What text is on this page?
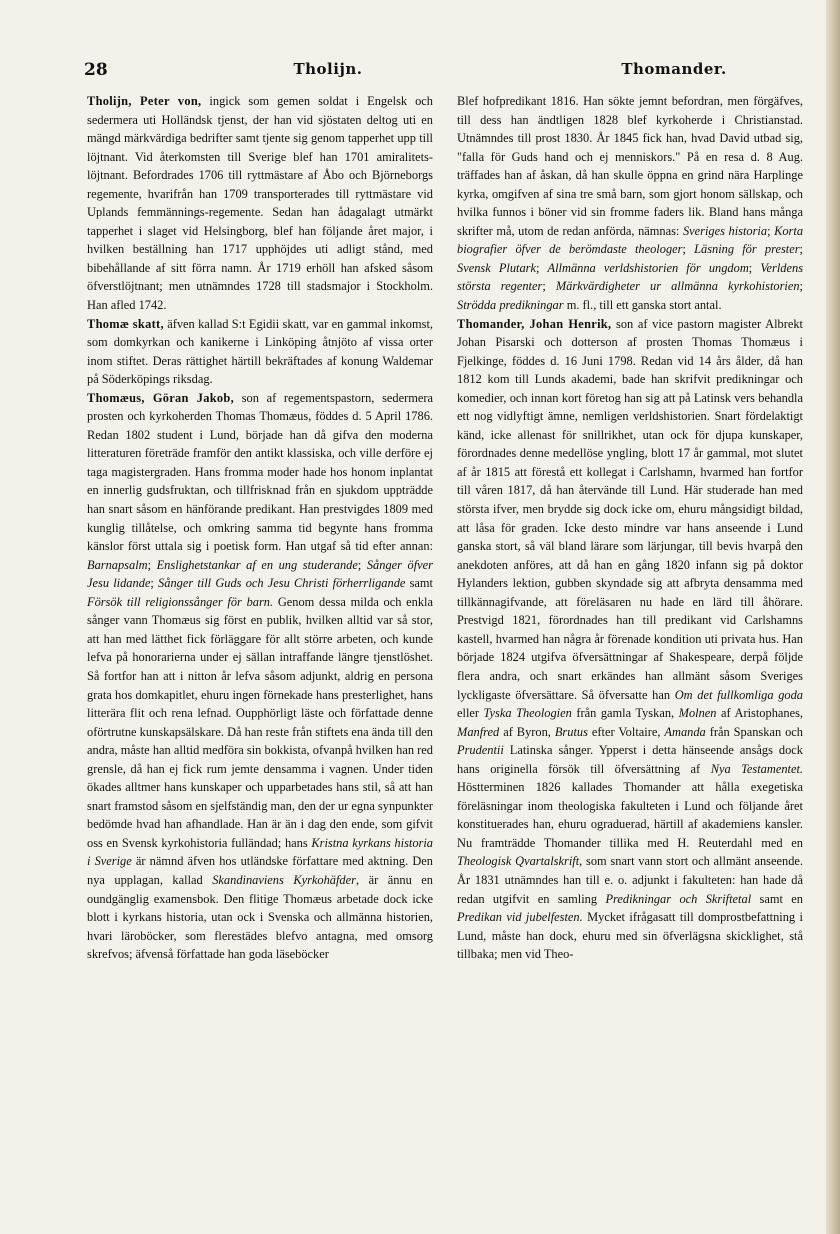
28	Tholijn.	Thomander.

Tholijn, Peter von, ingick som gemen soldat i Engelsk och sedermera uti Holländsk tjenst, der han vid sjöstaten deltog uti en mängd märkvärdiga bedrifter samt tjente sig genom tapperhet upp till löjtnant. Vid återkomsten till Sverige blef han 1701 amiralitets-löjtnant. Befordrades 1706 till ryttmästare af Åbo och Björneborgs regemente, hvarifrån han 1709 transporterades till ryttmästare vid Uplands femmännings-regemente. Sedan han ådagalagt utmärkt tapperhet i slaget vid Helsingborg, blef han följande året major, i hvilken beställning han 1717 upphöjdes uti adligt stånd, med bibehållande af sitt förra namn. År 1719 erhöll han afsked såsom öfverstlöjtnant; men utnämndes 1728 till stadsmajor i Stockholm. Han afled 1742.

Thomæ skatt, äfven kallad S:t Egidii skatt, var en gammal inkomst, som domkyrkan och kanikerne i Linköping åtnjöto af vissa orter inom stiftet. Deras rättighet härtill bekräftades af konung Waldemar på Söderköpings riksdag.

Thomæus, Göran Jakob, son af regementspastorn, sedermera prosten och kyrkoherden Thomas Thomæus, föddes d. 5 April 1786. Redan 1802 student i Lund, började han då gifva den moderna litteraturen företräde framför den antikt klassiska, och ville derföre ej taga magistergraden. Hans fromma moder hade hos honom inplantat en innerlig gudsfruktan, och tillfrisknad från en sjukdom uppträdde han snart såsom en hänförande predikant. Han prestvigdes 1809 med kunglig tillåtelse, och omkring samma tid begynte hans fromma känslor först uttala sig i poetisk form. Han utgaf så tid efter annan: Barnapsalm; Enslighetstankar af en ung studerande; Sånger öfver Jesu lidande; Sånger till Guds och Jesu Christi förherrligande samt Försök till religionssånger för barn. Genom dessa milda och enkla sånger vann Thomæus sig först en publik, hvilken alltid var så stor, att han med lätthet fick förläggare för allt större arbeten, och kunde lefva på honorarierna under ej sällan intraffande längre tjenstlöshet. Så fortfor han att i nitton år lefva såsom adjunkt, aldrig en persona grata hos domkapitlet, ehuru ingen förnekade hans presterlighet, hans litterära flit och rena lefnad. Oupphörligt läste och författade denne oförtrutne kunskapsälskare. Då han reste från stiftets ena ända till den andra, måste han alltid medföra sin bokkista, ofvanpå hvilken han red grensle, då han ej fick rum jemte densamma i vagnen. Under tiden ökades alltmer hans kunskaper och upparbetades hans stil, så att han snart framstod såsom en sjelfständig man, den der ur egna synpunkter bedömde hvad han afhandlade. Han är än i dag den ende, som gifvit oss en Svensk kyrkohistoria fulländad; hans Kristna kyrkans historia i Sverige är nämnd äfven hos utländske författare med aktning. Den nya upplagan, kallad Skandinaviens Kyrkohäfder, är ännu en oundgänglig examensbok. Den flitige Thomæus arbetade dock icke blott i kyrkans historia, utan ock i Svenska och allmänna historien, hvari läroböcker, som flerestädes blefvo antagna, med omsorg skrefvos; äfvenså författade han goda läseböcker

Blef hofpredikant 1816. Han sökte jemnt befordran, men förgäfves, till dess han ändtligen 1828 blef kyrkoherde i Christianstad. Utnämndes till prost 1830. År 1845 fick han, hvad David utbad sig, "falla för Guds hand och ej menniskors." På en resa d. 8 Aug. träffades han af åskan, då han skulle öppna en grind nära Harplinge kyrka, omgifven af sina tre små barn, som gjort honom sällskap, och hvilka funnos i böner vid sin fromme faders lik. Bland hans många skrifter må, utom de redan anförda, nämnas: Sveriges historia; Korta biografier öfver de berömdaste theologer; Läsning för prester; Svensk Plutark; Allmänna verldshistorien för ungdom; Verldens största regenter; Märkvärdigheter ur allmänna kyrkohistorien; Strödda predikningar m. fl., till ett ganska stort antal.

Thomander, Johan Henrik, son af vice pastorn magister Albrekt Johan Pisarski och dotterson af prosten Thomas Thomæus i Fjelkinge, föddes d. 16 Juni 1798. Redan vid 14 års ålder, då han 1812 kom till Lunds akademi, bade han skrifvit predikningar och komedier, och innan kort företog han sig att på Latinsk vers behandla ett nog vidlyftigt ämne, nemligen verldshistorien. Snart fördelaktigt känd, icke allenast för snillrikhet, utan ock för djupa kunskaper, förordnades denne medellöse yngling, blott 17 år gammal, mot slutet af år 1815 att förestå ett kollegat i Carlshamn, hvarmed han fortfor till våren 1817, då han återvände till Lund. Här studerade han med största ifver, men brydde sig dock icke om, ehuru mångsidigt bildad, att låsa för graden. Icke desto mindre var hans anseende i Lund ganska stort, så väl bland lärare som lärjungar, till bevis hvarpå den anekdoten anföres, att då han en gång 1820 infann sig på doktor Hylanders lektion, gubben skyndade sig att afbryta densamma med tillkännagifvande, att föreläsaren nu hade en lärd till åhörare. Prestvigd 1821, förordnades han till predikant vid Carlshamns kastell, hvarmed han några år förenade kondition uti privata hus. Han började 1824 utgifva öfversättningar af Shakespeare, derpå följde flera andra, och snart erkändes han allmänt såsom Sveriges lyckligaste öfversättare. Så öfversatte han Om det fullkomliga goda eller Tyska Theologien från gamla Tyskan, Molnen af Aristophanes, Manfred af Byron, Brutus efter Voltaire, Amanda från Spanskan och Prudentii Latinska sånger. Ypperst i detta hänseende ansågs dock hans originella försök till öfversättning af Nya Testamentet. Höstterminen 1826 kallades Thomander att hålla exegetiska föreläsningar inom theologiska fakulteten i Lund och följande året konstituerades han, ehuru ograduerad, härtill af akademiens kansler. Nu framträdde Thomander tillika med H. Reuterdahl med en Theologisk Qvartalskrift, som snart vann stort och allmänt anseende. År 1831 utnämndes han till e. o. adjunkt i fakulteten: han hade då redan utgifvit en samling Predikningar och Skriftetal samt en Predikan vid jubelfesten. Mycket ifrågasatt till domprostbefattning i Lund, måste han dock, ehuru med sin öfverlägsna skicklighet, stå tillbaka; men vid Theo-
